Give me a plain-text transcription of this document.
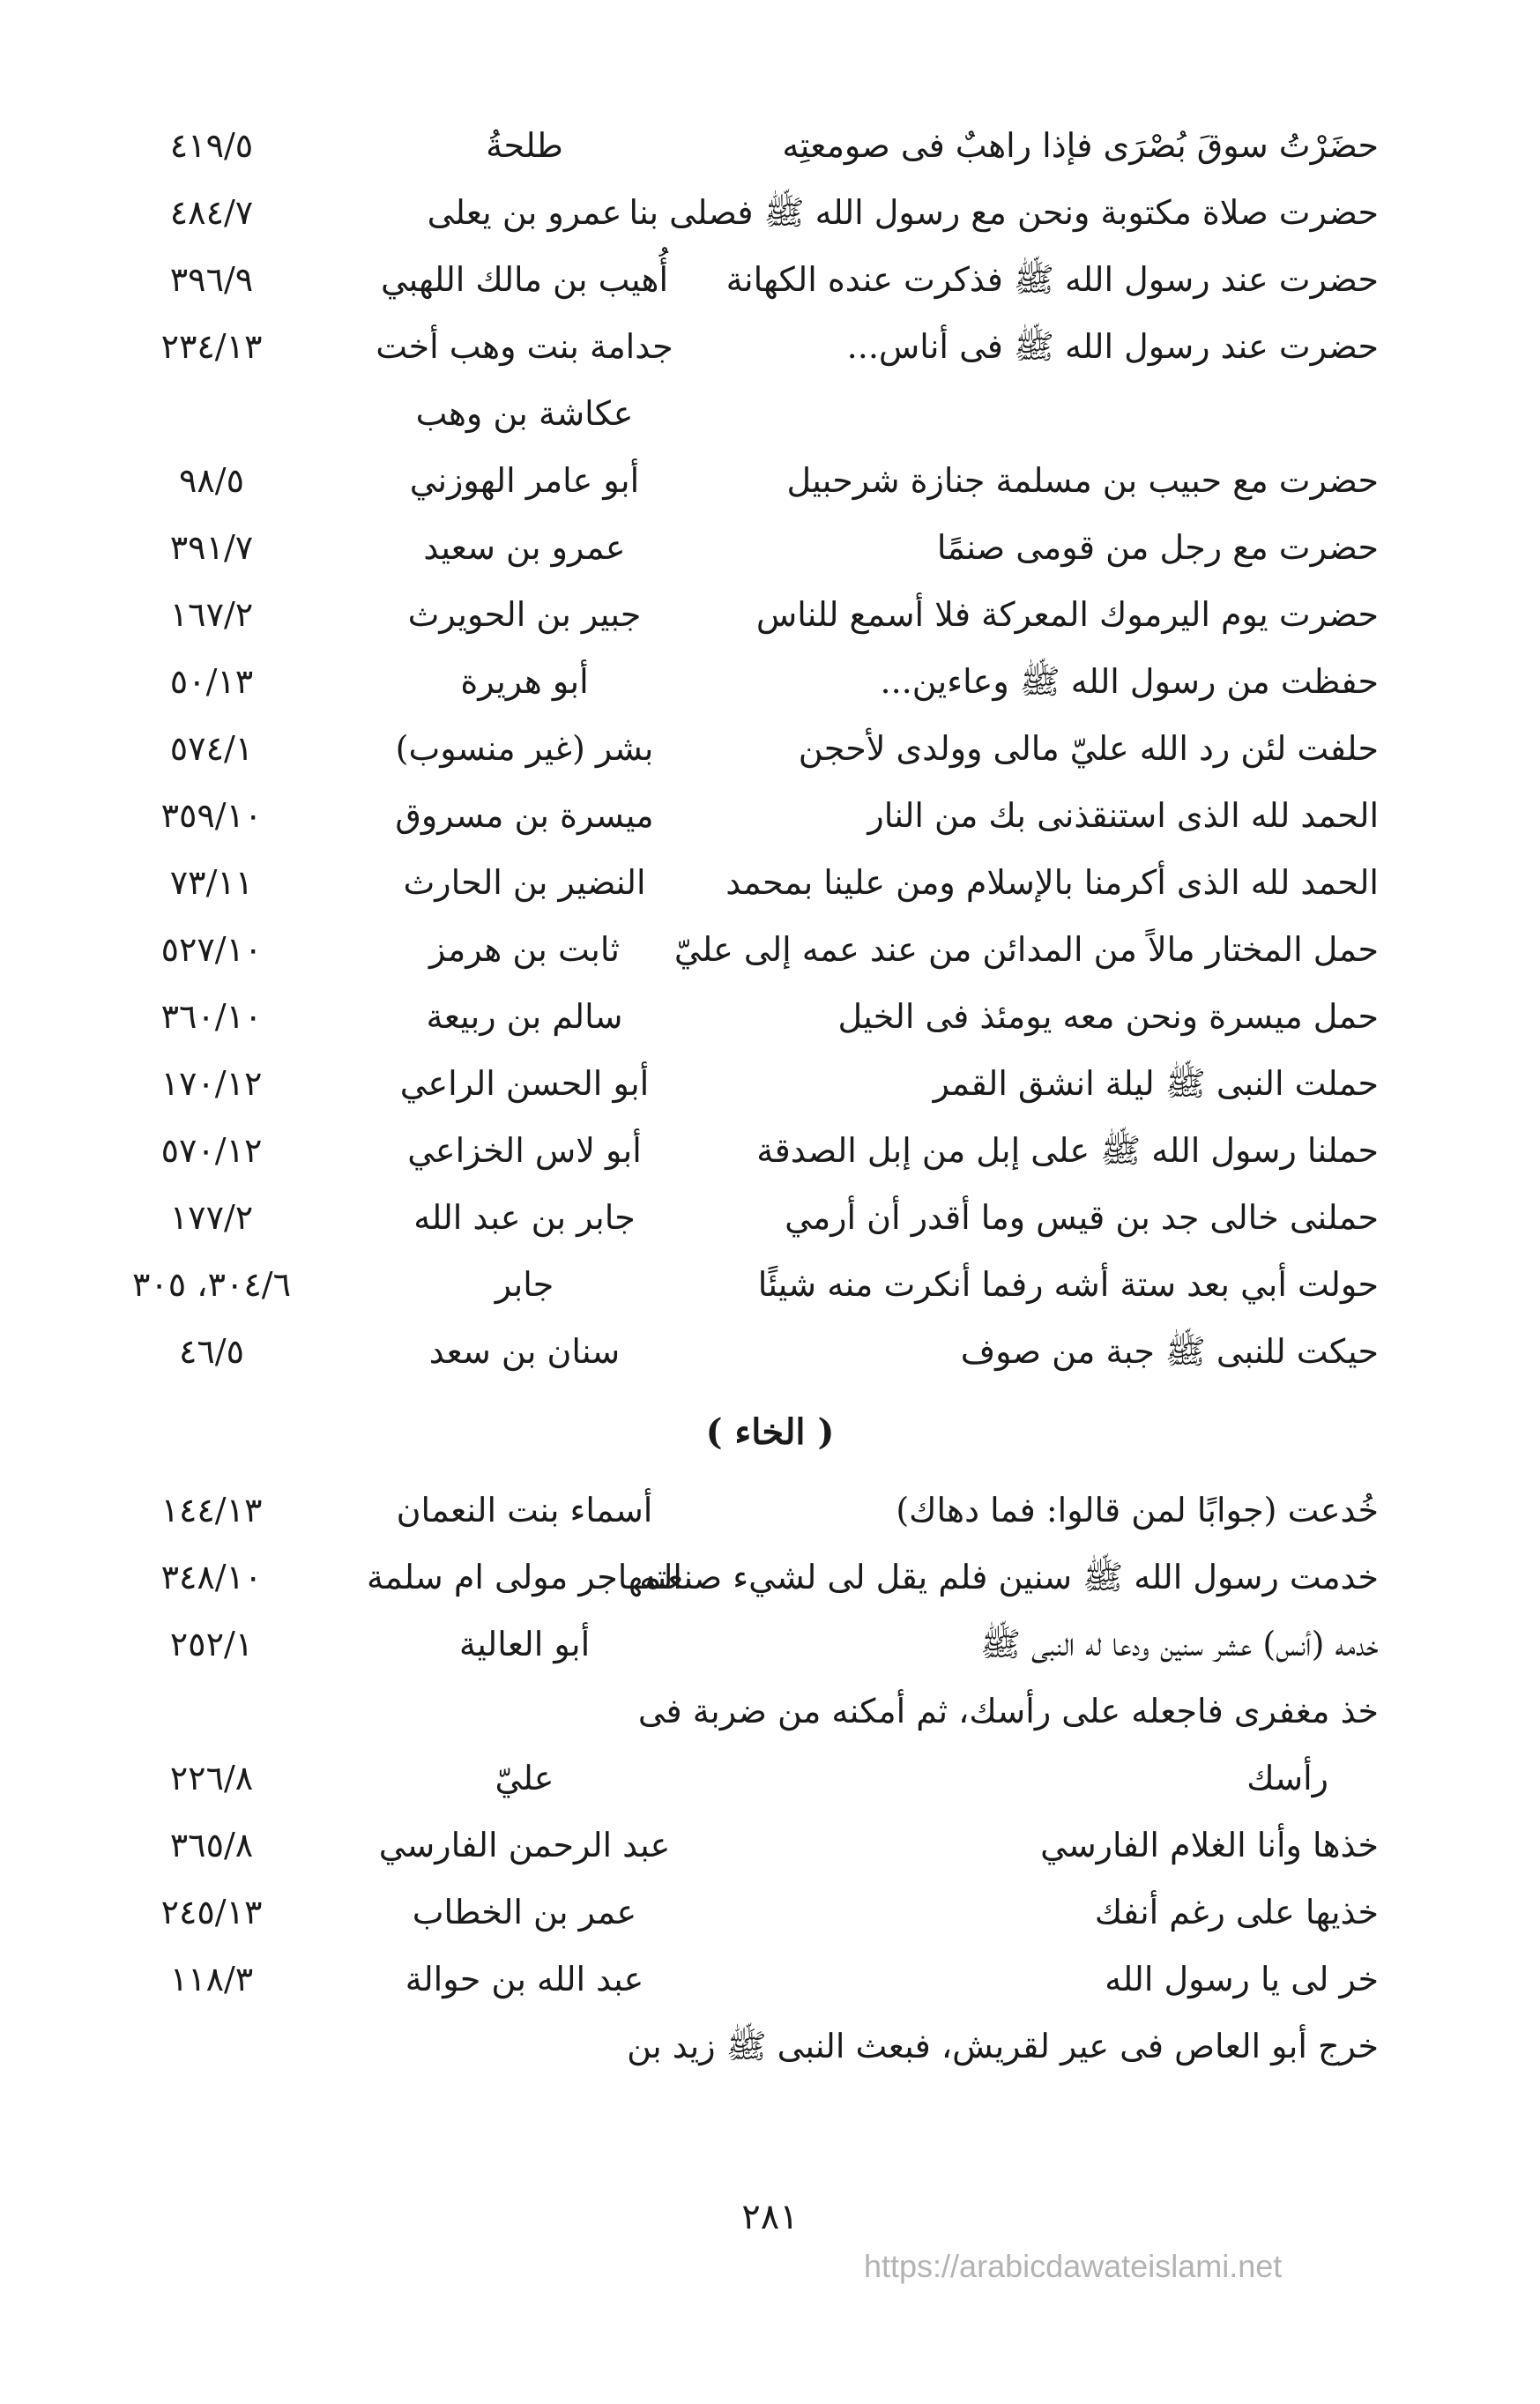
حضَرْتُ سوقَ بُصْرَى فإذا راهبٌ فى صومعتِه
طلحةُ
٤١٩/٥
حضرت صلاة مكتوبة ونحن مع رسول الله ﷺ فصلى بنا
عمرو بن يعلى
٤٨٤/٧
حضرت عند رسول الله ﷺ فذكرت عنده الكهانة
أُهيب بن مالك اللهبي
٣٩٦/٩
حضرت عند رسول الله ﷺ فى أناس...
جدامة بنت وهب أخت
٢٣٤/١٣
عكاشة بن وهب
حضرت مع حبيب بن مسلمة جنازة شرحبيل
أبو عامر الهوزني
٩٨/٥
حضرت مع رجل من قومى صنمًا
عمرو بن سعيد
٣٩١/٧
حضرت يوم اليرموك المعركة فلا أسمع للناس
جبير بن الحويرث
١٦٧/٢
حفظت من رسول الله ﷺ وعاءين...
أبو هريرة
٥٠/١٣
حلفت لئن رد الله عليّ مالى وولدى لأحجن
بشر (غير منسوب)
٥٧٤/١
الحمد لله الذى استنقذنى بك من النار
ميسرة بن مسروق
٣٥٩/١٠
الحمد لله الذى أكرمنا بالإسلام ومن علينا بمحمد
النضير بن الحارث
٧٣/١١
حمل المختار مالاً من المدائن من عند عمه إلى عليّ
ثابت بن هرمز
٥٢٧/١٠
حمل ميسرة ونحن معه يومئذ فى الخيل
سالم بن ربيعة
٣٦٠/١٠
حملت النبى ﷺ ليلة انشق القمر
أبو الحسن الراعي
١٧٠/١٢
حملنا رسول الله ﷺ على إبل من إبل الصدقة
أبو لاس الخزاعي
٥٧٠/١٢
حملنى خالى جد بن قيس وما أقدر أن أرمي
جابر بن عبد الله
١٧٧/٢
حولت أبي بعد ستة أشه رفما أنكرت منه شيئًا
جابر
٣٠٤/٦، ٣٠٥
حيكت للنبى ﷺ جبة من صوف
سنان بن سعد
٤٦/٥
( الخاء )
خُدعت (جوابًا لمن قالوا: فما دهاك)
أسماء بنت النعمان
١٤٤/١٣
خدمت رسول الله ﷺ سنين فلم يقل لى لشيء صنعته
المهاجر مولى ام سلمة
٣٤٨/١٠
خدمه (أنس) عشر سنين ودعا له النبى ﷺ
أبو العالية
٢٥٢/١
خذ مغفرى فاجعله على رأسك، ثم أمكنه من ضربة فى
رأسك
عليّ
٢٢٦/٨
خذها وأنا الغلام الفارسي
عبد الرحمن الفارسي
٣٦٥/٨
خذيها على رغم أنفك
عمر بن الخطاب
٢٤٥/١٣
خر لى يا رسول الله
عبد الله بن حوالة
١١٨/٣
خرج أبو العاص فى عير لقريش، فبعث النبى ﷺ زيد بن
٢٨١
https://arabicdawateislami.net
